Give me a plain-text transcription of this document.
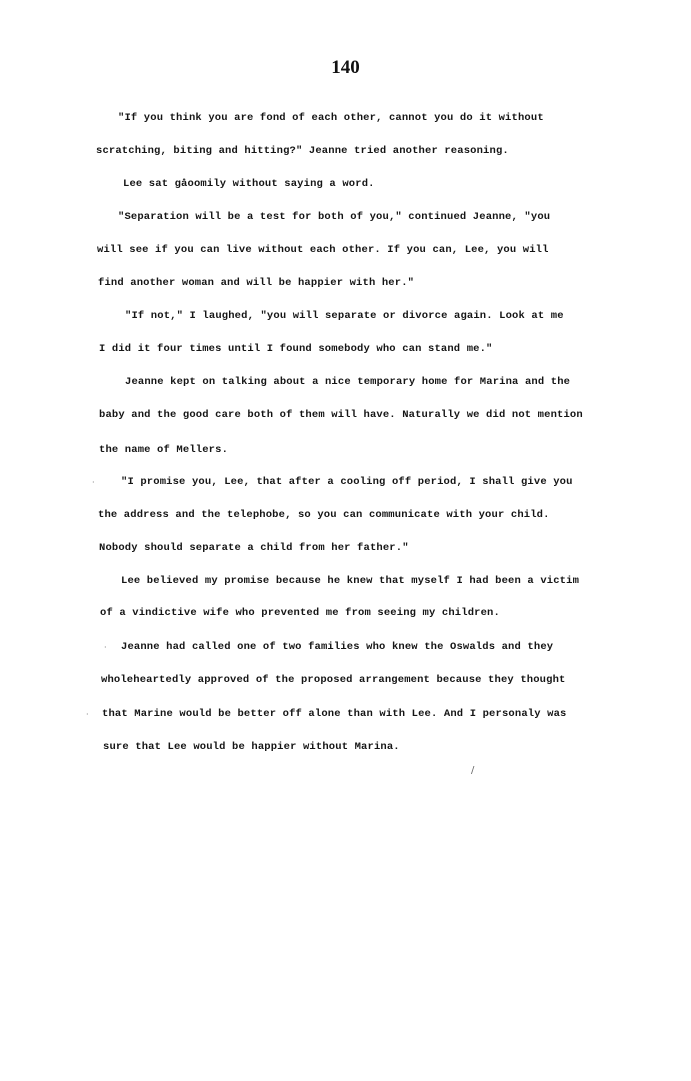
140
"If you think you are fond of each other, cannot you do it without
scratching, biting and hitting?" Jeanne tried another reasoning.
Lee sat gåoomily without saying a word.
"Separation will be a test for both of you," continued Jeanne, "you
will see if you can live without each other. If you can, Lee, you will
find another woman and will be happier with her."
"If not," I laughed, "you will separate or divorce again. Look at me
I did it four times until I found somebody who can stand me."
Jeanne kept on talking about a nice temporary home for Marina and the
baby and the good care both of them will have. Naturally we did not mention
the name of Mellers.
"I promise you, Lee, that after a cooling off period, I shall give you
the address and the telephobe, so you can communicate with your child.
Nobody should separate a child from her father."
Lee believed my promise because he knew that myself I had been a victim
of a vindictive wife who prevented me from seeing my children.
Jeanne had called one of two families who knew the Oswalds and they
wholeheartedly approved of the proposed arrangement because they thought
that Marine would be better off alone than with Lee. And I personaly was
sure that Lee would be happier without Marina.
·
·
·
/
